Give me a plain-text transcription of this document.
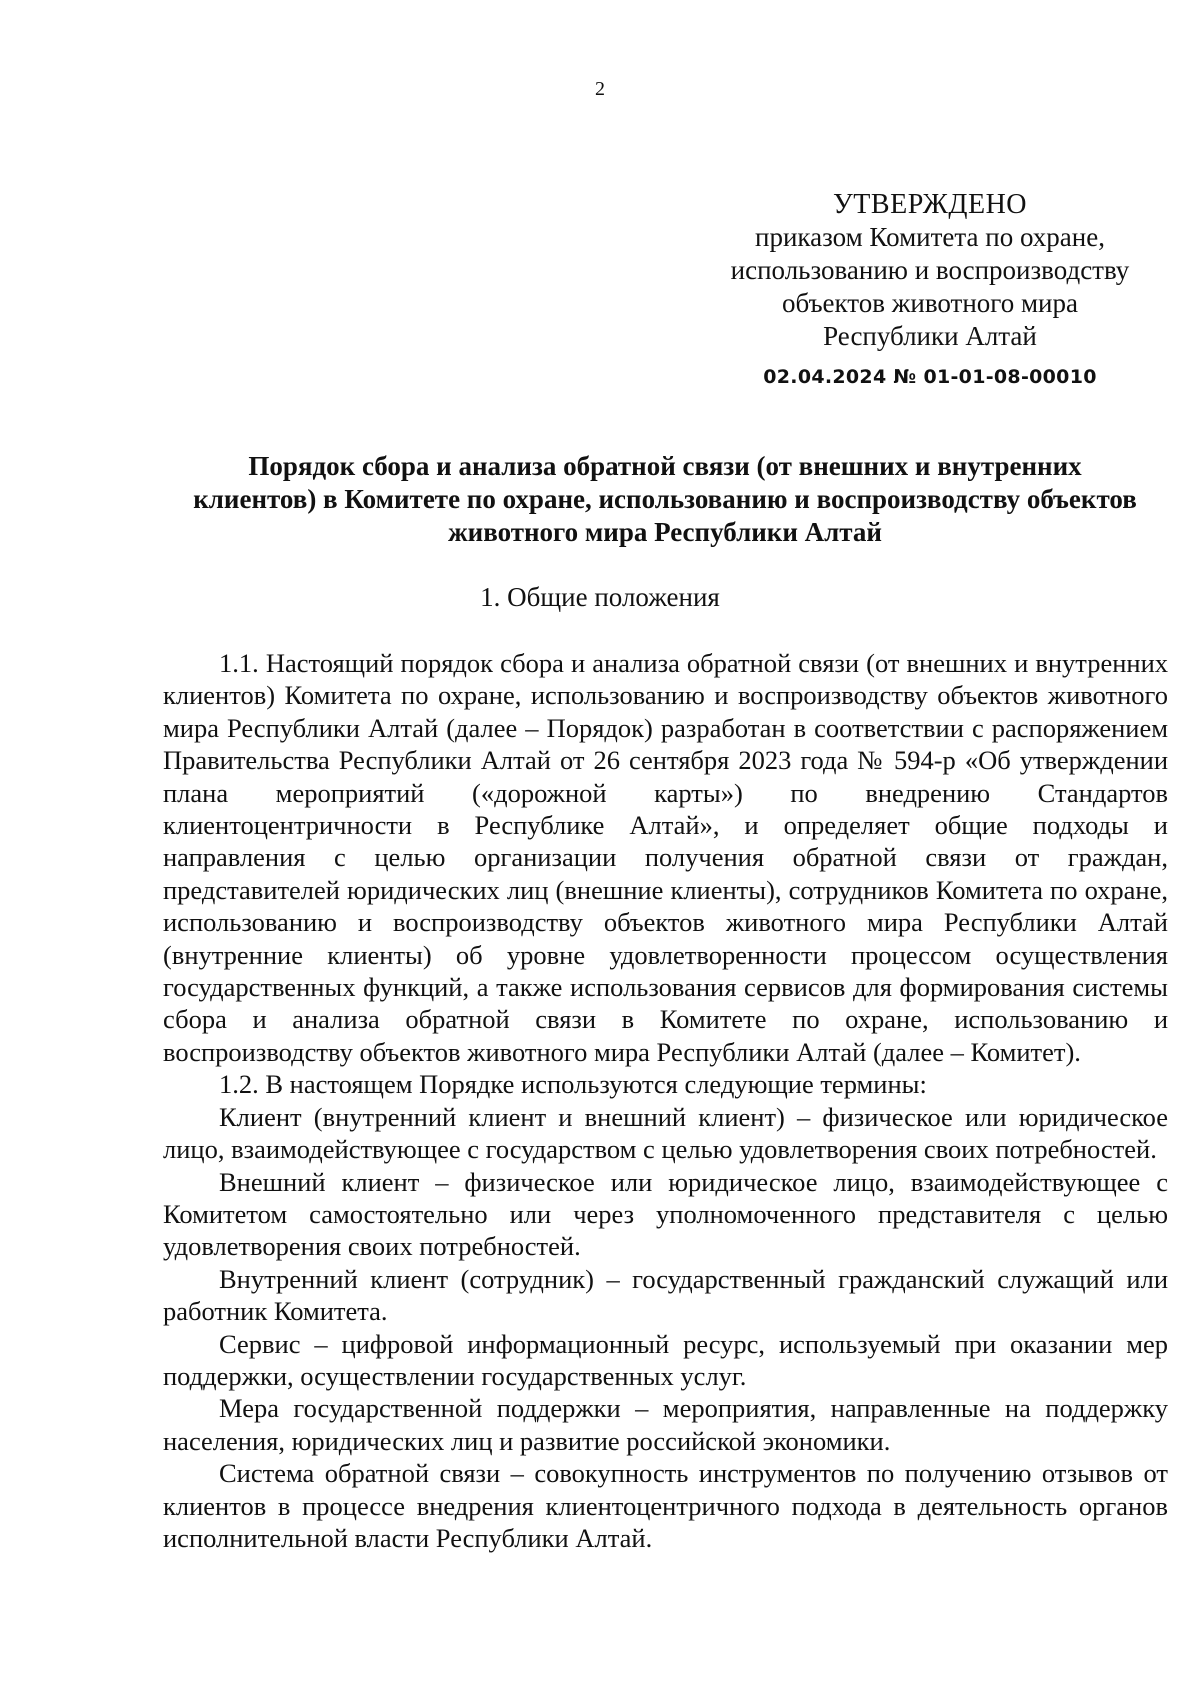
2
УТВЕРЖДЕНО
приказом Комитета по охране,
использованию и воспроизводству
объектов животного мира
Республики Алтай
02.04.2024 № 01-01-08-00010
Порядок сбора и анализа обратной связи (от внешних и внутренних
клиентов) в Комитете по охране, использованию и воспроизводству объектов
животного мира Республики Алтай
1. Общие положения

1.1. Настоящий порядок сбора и анализа обратной связи (от внешних и внутренних клиентов) Комитета по охране, использованию и воспроизводству объектов животного мира Республики Алтай (далее – Порядок) разработан в соответствии с распоряжением Правительства Республики Алтай от 26 сентября 2023 года № 594-р «Об утверждении плана мероприятий («дорожной карты») по внедрению Стандартов клиентоцентричности в Республике Алтай», и определяет общие подходы и направления с целью организации получения обратной связи от граждан, представителей юридических лиц (внешние клиенты), сотрудников Комитета по охране, использованию и воспроизводству объектов животного мира Республики Алтай (внутренние клиенты) об уровне удовлетворенности процессом осуществления государственных функций, а также использования сервисов для формирования системы сбора и анализа обратной связи в Комитете по охране, использованию и воспроизводству объектов животного мира Республики Алтай (далее – Комитет).

1.2. В настоящем Порядке используются следующие термины:

Клиент (внутренний клиент и внешний клиент) – физическое или юридическое лицо, взаимодействующее с государством с целью удовлетворения своих потребностей.

Внешний клиент – физическое или юридическое лицо, взаимодействующее с Комитетом самостоятельно или через уполномоченного представителя с целью удовлетворения своих потребностей.

Внутренний клиент (сотрудник) – государственный гражданский служащий или работник Комитета.

Сервис – цифровой информационный ресурс, используемый при оказании мер поддержки, осуществлении государственных услуг.

Мера государственной поддержки – мероприятия, направленные на поддержку населения, юридических лиц и развитие российской экономики.

Система обратной связи – совокупность инструментов по получению отзывов от клиентов в процессе внедрения клиентоцентричного подхода в деятельность органов исполнительной власти Республики Алтай.
